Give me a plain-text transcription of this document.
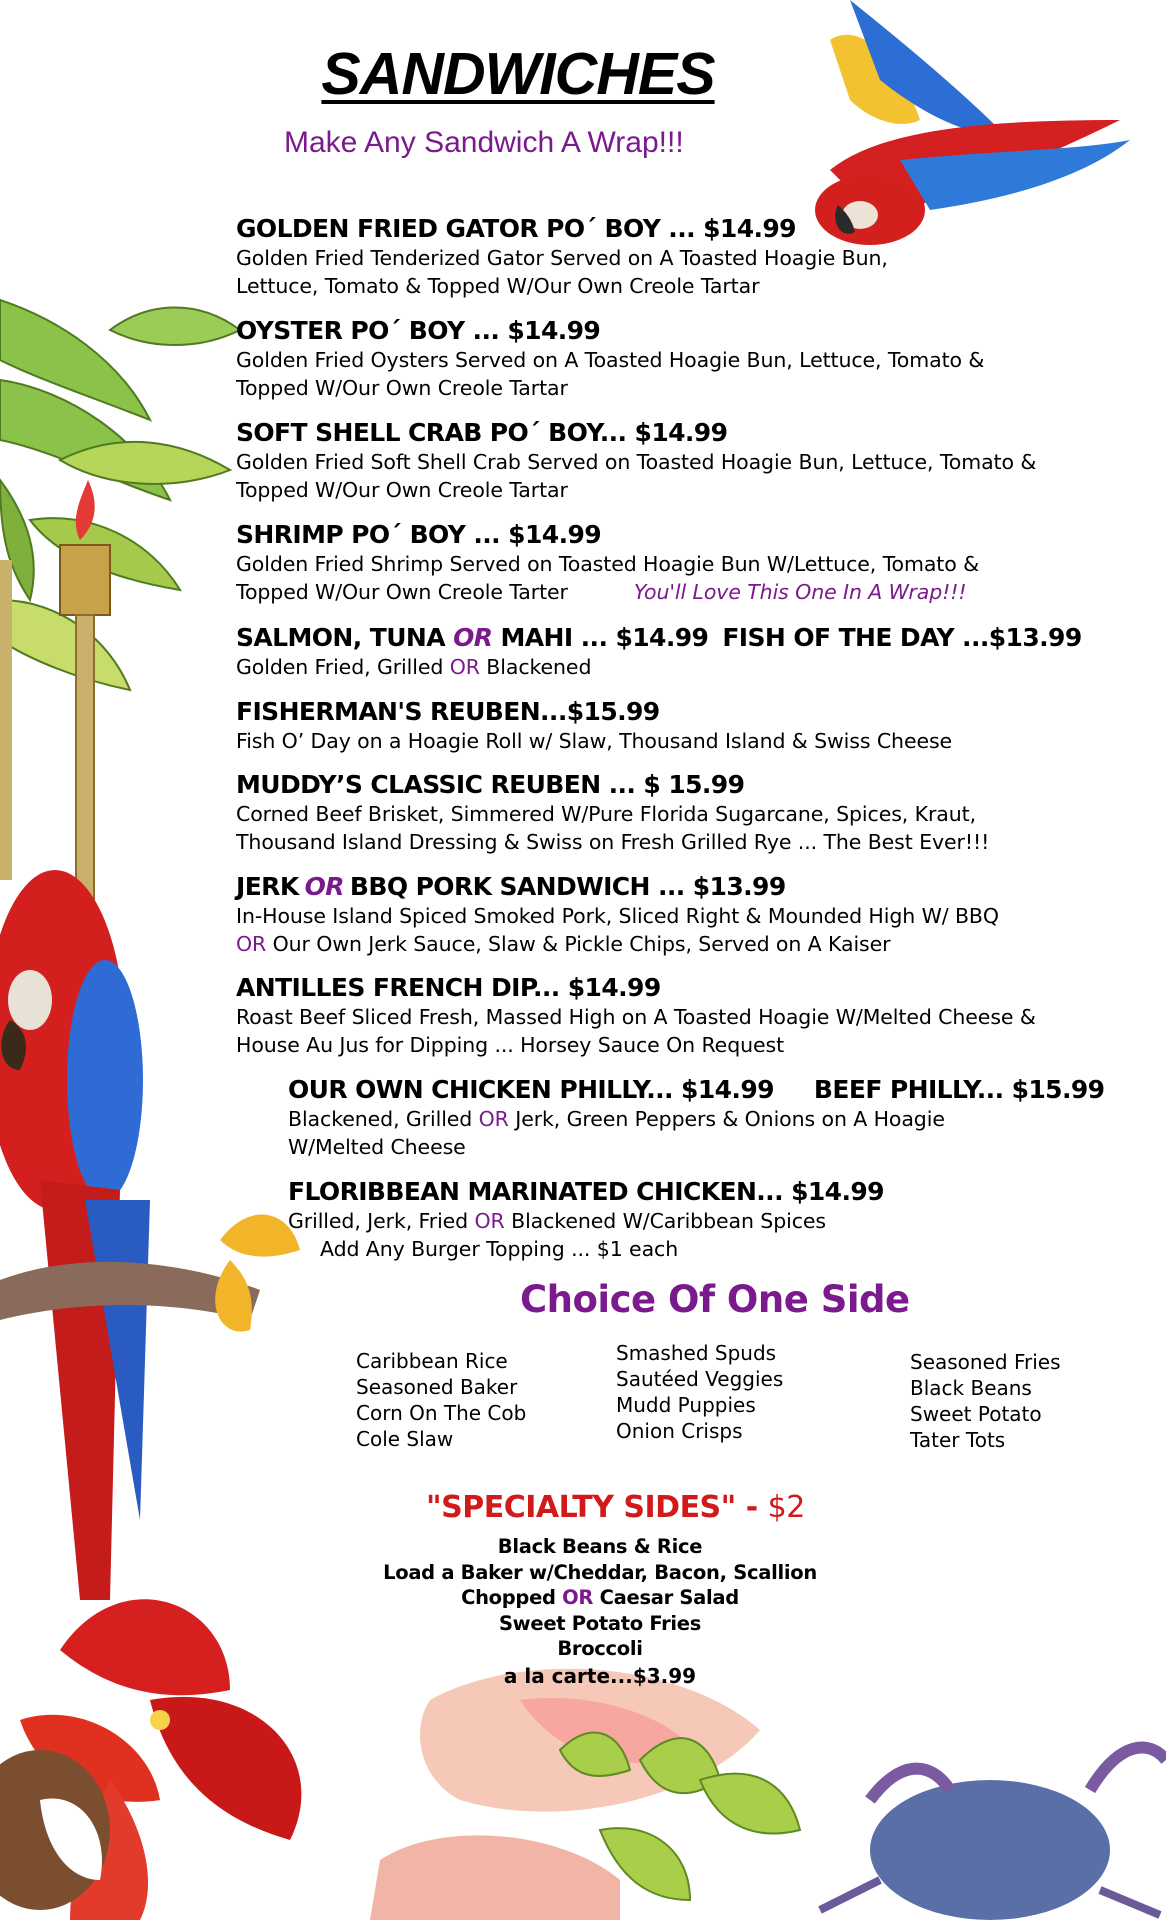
SANDWICHES
Make Any Sandwich A Wrap!!!
GOLDEN FRIED GATOR PO´ BOY ... $14.99
Golden Fried Tenderized Gator Served on A Toasted Hoagie Bun,
Lettuce, Tomato & Topped W/Our Own Creole Tartar
OYSTER PO´ BOY ... $14.99
Golden Fried Oysters Served on A Toasted Hoagie Bun, Lettuce, Tomato &
Topped W/Our Own Creole Tartar
SOFT SHELL CRAB PO´ BOY... $14.99
Golden Fried Soft Shell Crab Served on Toasted Hoagie Bun, Lettuce, Tomato &
Topped W/Our Own Creole Tartar
SHRIMP PO´ BOY ... $14.99
Golden Fried Shrimp Served on Toasted Hoagie Bun W/Lettuce, Tomato &
Topped W/Our Own Creole Tarter	You'll Love This One In A Wrap!!!
SALMON, TUNA OR MAHI ... $14.99 FISH OF THE DAY ...$13.99
Golden Fried, Grilled OR Blackened
FISHERMAN'S REUBEN...$15.99
Fish O’ Day on a Hoagie Roll w/ Slaw, Thousand Island & Swiss Cheese
MUDDY’S CLASSIC REUBEN ... $ 15.99
Corned Beef Brisket, Simmered W/Pure Florida Sugarcane, Spices, Kraut,
Thousand Island Dressing & Swiss on Fresh Grilled Rye ... The Best Ever!!!
JERK OR BBQ PORK SANDWICH ... $13.99
In-House Island Spiced Smoked Pork, Sliced Right & Mounded High W/ BBQ
OR Our Own Jerk Sauce, Slaw & Pickle Chips, Served on A Kaiser
ANTILLES FRENCH DIP... $14.99
Roast Beef Sliced Fresh, Massed High on A Toasted Hoagie W/Melted Cheese &
House Au Jus for Dipping ... Horsey Sauce On Request
OUR OWN CHICKEN PHILLY... $14.99 BEEF PHILLY... $15.99
Blackened, Grilled OR Jerk, Green Peppers & Onions on A Hoagie
W/Melted Cheese
FLORIBBEAN MARINATED CHICKEN... $14.99
Grilled, Jerk, Fried OR Blackened W/Caribbean Spices
Add Any Burger Topping ... $1 each
Choice Of One Side
Caribbean Rice
Seasoned Baker
Corn On The Cob
Cole Slaw
Smashed Spuds
Sautéed Veggies
Mudd Puppies
Onion Crisps
Seasoned Fries
Black Beans
Sweet Potato
Tater Tots
"SPECIALTY SIDES" - $2
Black Beans & Rice
Load a Baker w/Cheddar, Bacon, Scallion
Chopped OR Caesar Salad
Sweet Potato Fries
Broccoli
a la carte...$3.99
